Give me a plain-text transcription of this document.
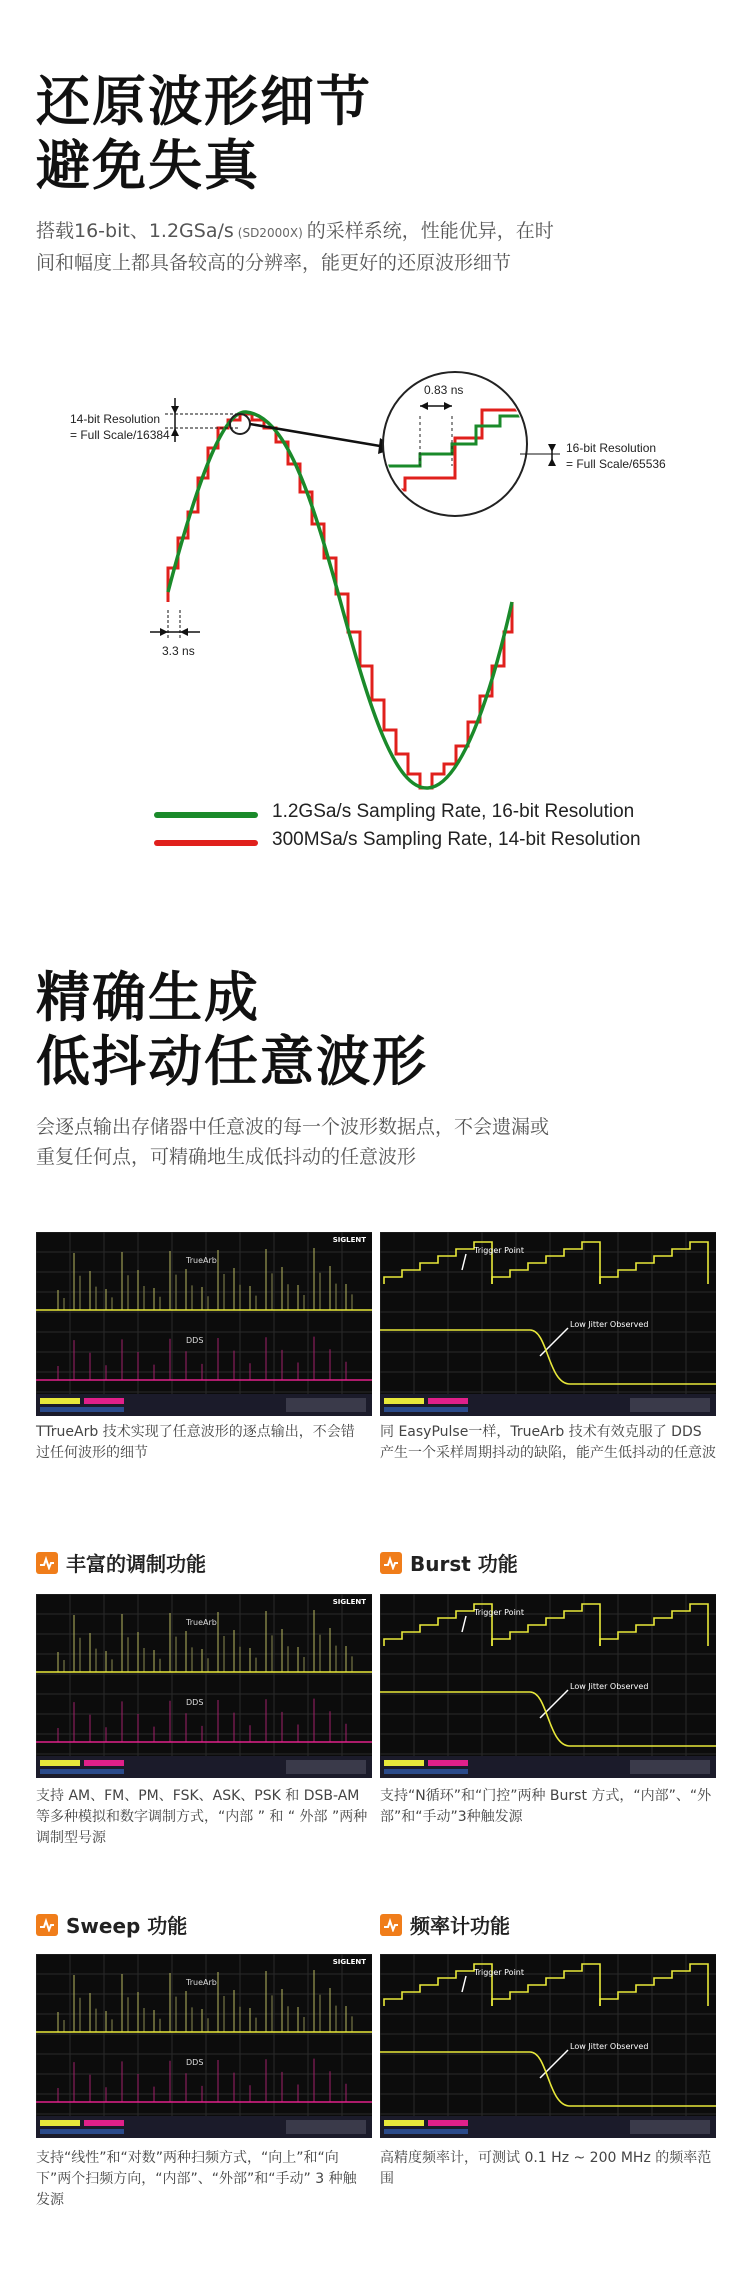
还原波形细节
避免失真
搭载16-bit、1.2GSa/s (SD2000X) 的采样系统，性能优异，在时
间和幅度上都具备较高的分辨率，能更好的还原波形细节
14-bit Resolution
= Full Scale/16384
16-bit Resolution
= Full Scale/65536
0.83 ns
3.3 ns
1.2GSa/s Sampling Rate, 16-bit Resolution
300MSa/s Sampling Rate, 14-bit Resolution
精确生成
低抖动任意波形
会逐点输出存储器中任意波的每一个波形数据点，不会遗漏或
重复任何点，可精确地生成低抖动的任意波形
TrueArb
DDS
SIGLENT
Trigger Point
Low Jitter Observed
TTrueArb 技术实现了任意波形的逐点输出，不会错过任何波形的细节
同 EasyPulse一样，TrueArb 技术有效克服了 DDS 产生一个采样周期抖动的缺陷，能产生低抖动的任意波
丰富的调制功能	Burst 功能
TrueArb
DDS
SIGLENT
Trigger Point
Low Jitter Observed
支持 AM、FM、PM、FSK、ASK、PSK 和 DSB-AM 等多种模拟和数字调制方式，“内部 ” 和 “ 外部 ”两种调制型号源
支持“N循环”和“门控”两种 Burst 方式，“内部”、“外部”和“手动”3种触发源
Sweep 功能	频率计功能
TrueArb
DDS
SIGLENT
Trigger Point
Low Jitter Observed
支持“线性”和“对数”两种扫频方式，“向上”和“向下”两个扫频方向，“内部”、“外部”和“手动” 3 种触发源
高精度频率计，可测试 0.1 Hz ~ 200 MHz 的频率范围
